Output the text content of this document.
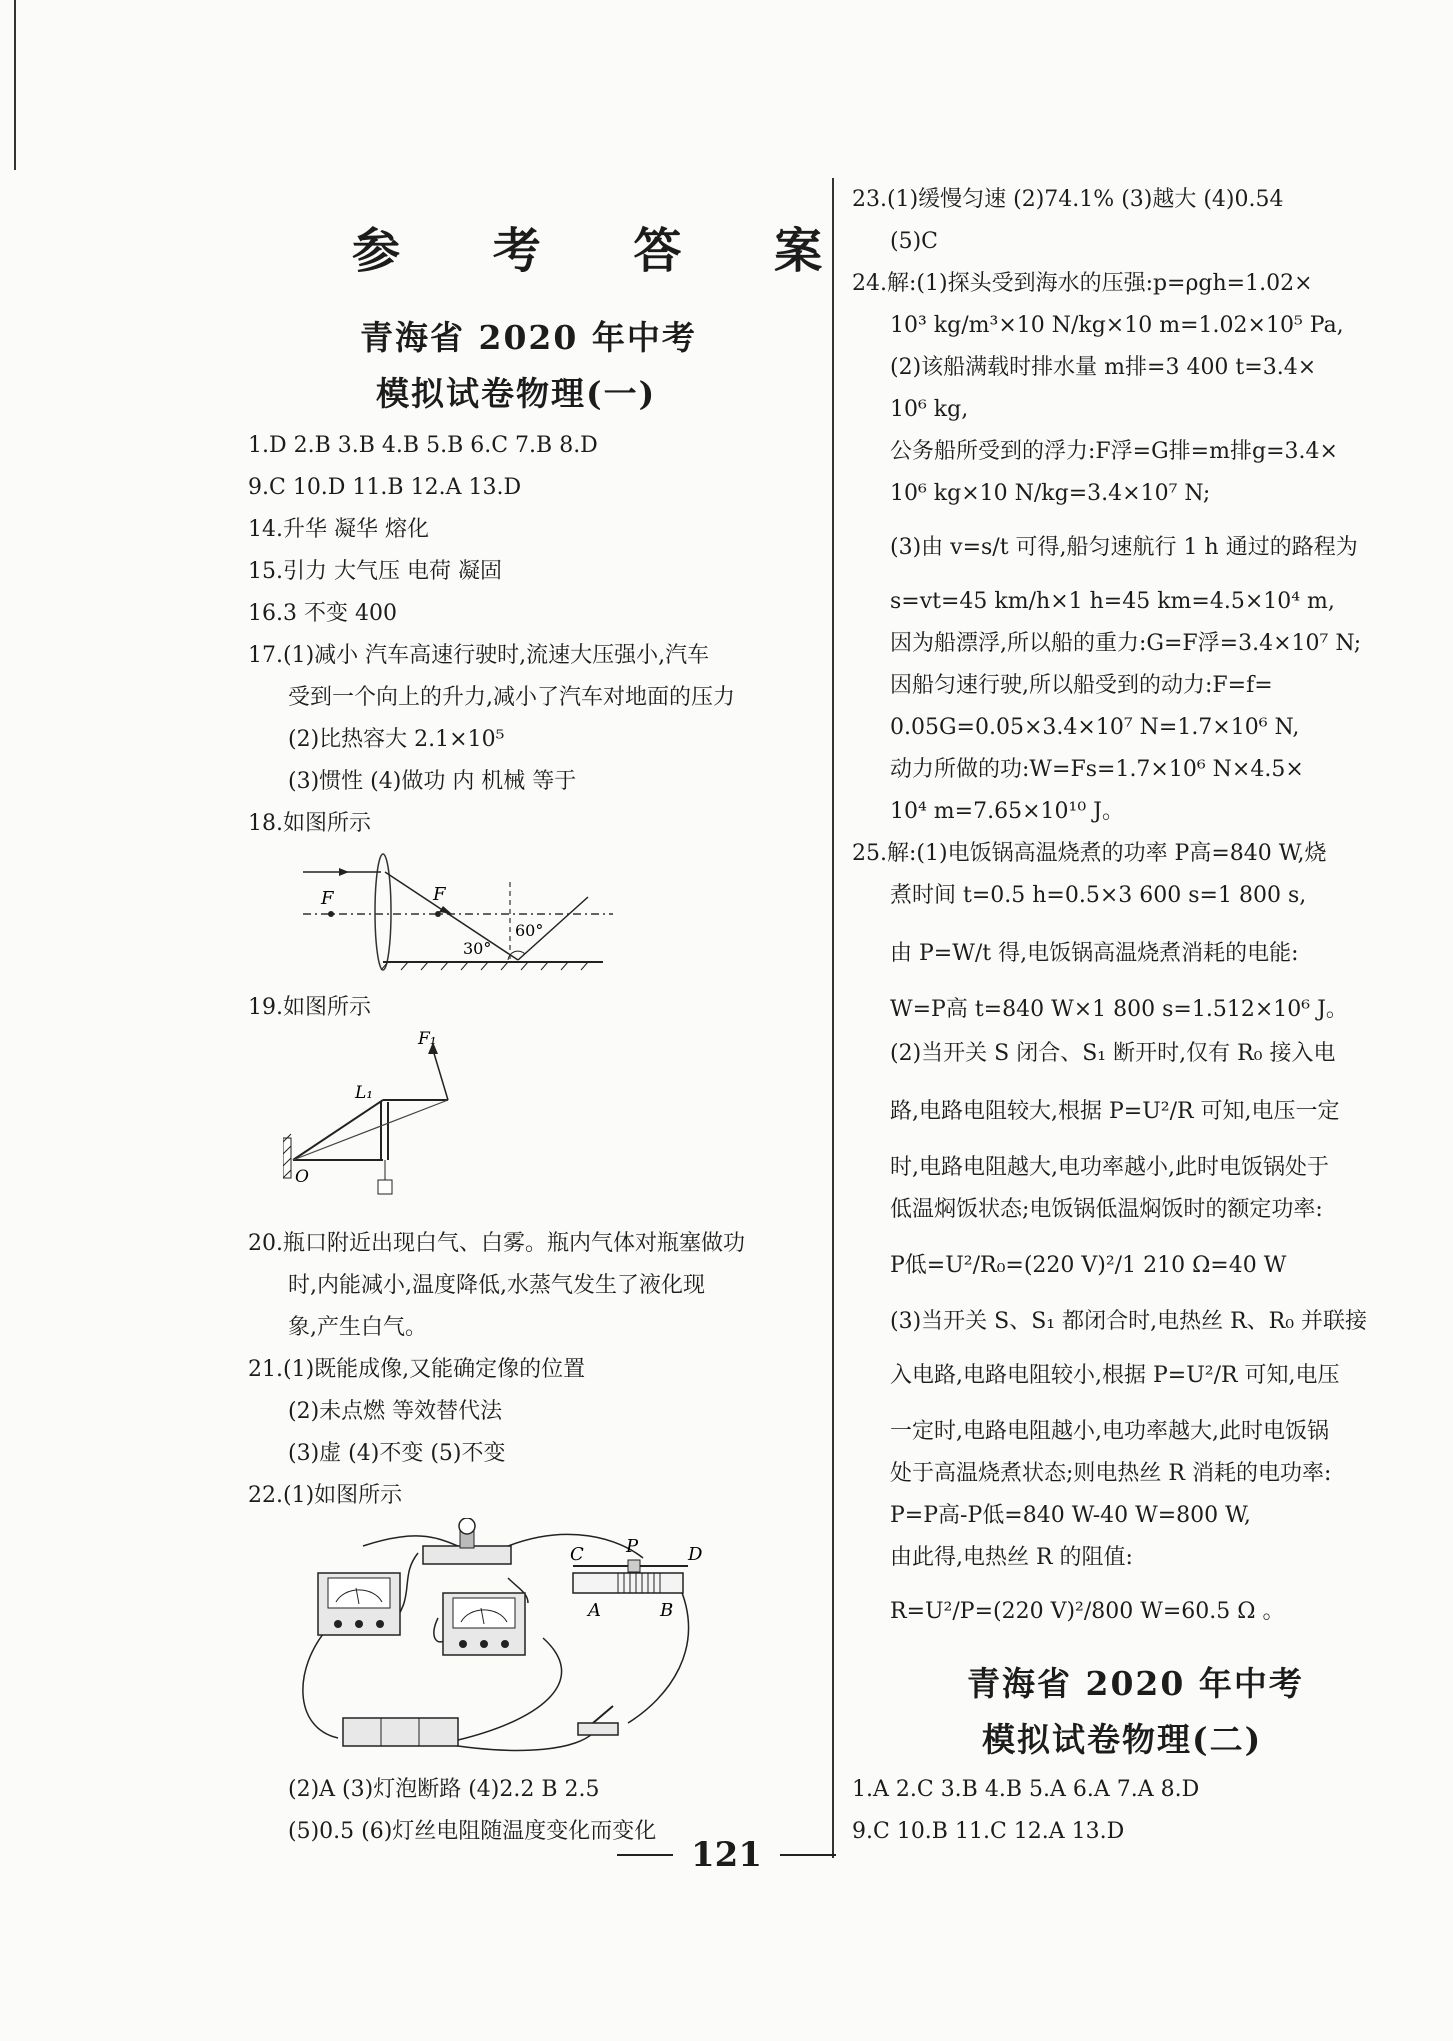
参 考 答 案
青海省 2020 年中考
模拟试卷物理(一)
1.D 2.B 3.B 4.B 5.B 6.C 7.B 8.D
9.C 10.D 11.B 12.A 13.D
14.升华 凝华 熔化
15.引力 大气压 电荷 凝固
16.3 不变 400
17.(1)减小 汽车高速行驶时,流速大压强小,汽车
受到一个向上的升力,减小了汽车对地面的压力
(2)比热容大 2.1×10⁵
(3)惯性 (4)做功 内 机械 等于
18.如图所示
F	F
30°
60°
19.如图所示
F₁
L₁
O
20.瓶口附近出现白气、白雾。瓶内气体对瓶塞做功
时,内能减小,温度降低,水蒸气发生了液化现
象,产生白气。
21.(1)既能成像,又能确定像的位置
(2)未点燃 等效替代法
(3)虚 (4)不变 (5)不变
22.(1)如图所示
C P	D
A	B
(2)A (3)灯泡断路 (4)2.2 B 2.5
(5)0.5 (6)灯丝电阻随温度变化而变化
23.(1)缓慢匀速 (2)74.1% (3)越大 (4)0.54
(5)C
24.解:(1)探头受到海水的压强:p=ρgh=1.02×
10³ kg/m³×10 N/kg×10 m=1.02×10⁵ Pa,
(2)该船满载时排水量 m排=3 400 t=3.4×
10⁶ kg,
公务船所受到的浮力:F浮=G排=m排g=3.4×
10⁶ kg×10 N/kg=3.4×10⁷ N;
(3)由 v=s/t 可得,船匀速航行 1 h 通过的路程为
s=vt=45 km/h×1 h=45 km=4.5×10⁴ m,
因为船漂浮,所以船的重力:G=F浮=3.4×10⁷ N;
因船匀速行驶,所以船受到的动力:F=f=
0.05G=0.05×3.4×10⁷ N=1.7×10⁶ N,
动力所做的功:W=Fs=1.7×10⁶ N×4.5×
10⁴ m=7.65×10¹⁰ J。
25.解:(1)电饭锅高温烧煮的功率 P高=840 W,烧
煮时间 t=0.5 h=0.5×3 600 s=1 800 s,
由 P=W/t 得,电饭锅高温烧煮消耗的电能:
W=P高 t=840 W×1 800 s=1.512×10⁶ J。
(2)当开关 S 闭合、S₁ 断开时,仅有 R₀ 接入电
路,电路电阻较大,根据 P=U²/R 可知,电压一定
时,电路电阻越大,电功率越小,此时电饭锅处于
低温焖饭状态;电饭锅低温焖饭时的额定功率:
P低=U²/R₀=(220 V)²/1 210 Ω=40 W
(3)当开关 S、S₁ 都闭合时,电热丝 R、R₀ 并联接
入电路,电路电阻较小,根据 P=U²/R 可知,电压
一定时,电路电阻越小,电功率越大,此时电饭锅
处于高温烧煮状态;则电热丝 R 消耗的电功率:
P=P高-P低=840 W-40 W=800 W,
由此得,电热丝 R 的阻值:
R=U²/P=(220 V)²/800 W=60.5 Ω 。
青海省 2020 年中考
模拟试卷物理(二)
1.A 2.C 3.B 4.B 5.A 6.A 7.A 8.D
9.C 10.B 11.C 12.A 13.D
121
